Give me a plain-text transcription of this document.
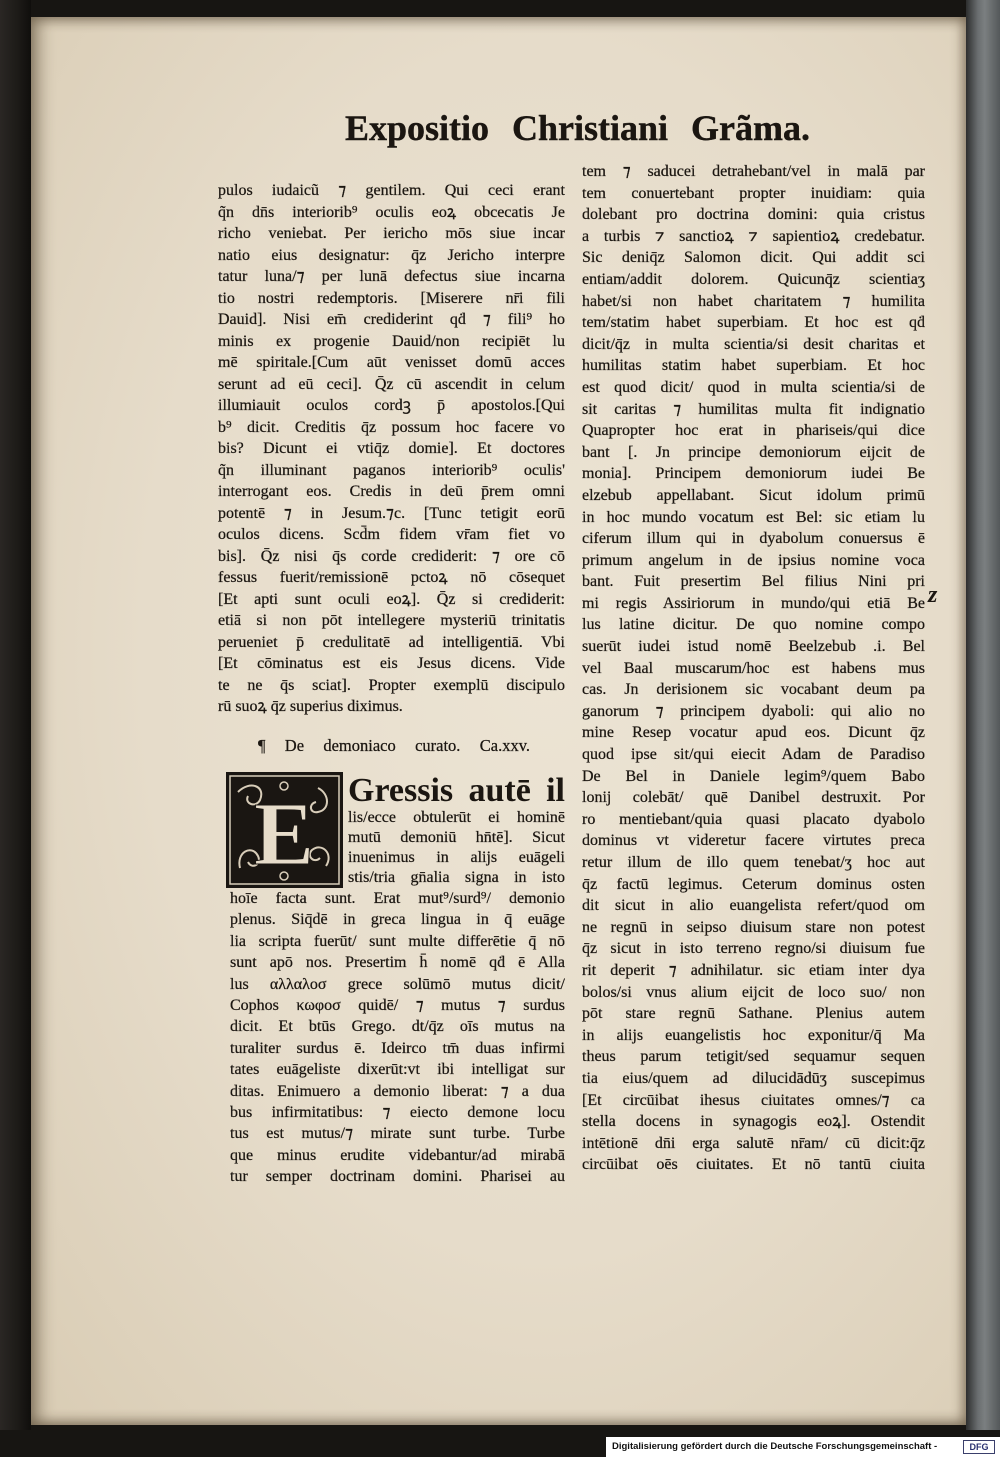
Expositio Christiani Grãma.
pulos iudaicũ ⁊ gentilem. Qui ceci erant
q̃n dn̄s interiorib⁹ oculis eoꝝ obcecatis Je
richo veniebat. Per iericho mōs siue incar
natio eius designatur: q̄z Jericho interpre
tatur luna/⁊ per lunā defectus siue incarna
tio nostri redemptoris. [Miserere nr̄i fili
Dauid]. Nisi em̄ crediderint qḋ ⁊ fili⁹ ho
minis ex progenie Dauid/non recipiēt lu
mē spiritale.[Cum aūt venisset domū acces
serunt ad eū ceci]. Q̄z cū ascendit in celum
illumiauit oculos cordꝫ p̄ apostolos.[Qui
b⁹ dicit. Creditis q̄z possum hoc facere vo
bis? Dicunt ei vtiq̄z domie]. Et doctores
q̃n illuminant paganos interiorib⁹ oculis'
interrogant eos. Credis in deū p̄rem omni
potentē ⁊ in Jesum.⁊c. [Tunc tetigit eorū
oculos dicens. Scd̄m fidem vr̄am fiet vo
bis]. Q̄z nisi q̄s corde crediderit: ⁊ ore cō
fessus fuerit/remissionē pctoꝝ nō cōsequet
[Et apti sunt oculi eoꝝ]. Q̄z si crediderit:
etiā si non pōt intellegere mysteriū trinitatis
perueniet p̄ credulitatē ad intelligentiā. Vbi
[Et cōminatus est eis Jesus dicens. Vide
te ne q̄s sciat]. Propter exemplū discipulo
rū suoꝝ q̄z superius diximus.
¶ De demoniaco curato. Ca.xxv.
E Gressis autē il
lis/ecce obtulerūt ei hominē
mutū demoniū hn̄tē]. Sicut
inuenimus in alijs euāgeli
stis/tria gn̄alia signa in isto
hoīe facta sunt. Erat mut⁹/surd⁹/ demonio
plenus. Siq̄dē in greca lingua in q̄ euāge
lia scripta fuerūt/ sunt multe differētie q̄ nō
sunt apō nos. Presertim h̄ nomē qḋ ē Alla
lus αλλαλοσ grece solūmō mutus dicit/
Cophos κωφοσ quidē/ ⁊ mutus ⁊ surdus
dicit. Et btūs Grego. dt/q̄z oīs mutus na
turaliter surdus ē. Ideirco tm̄ duas infirmi
tates euāgeliste dixerūt:vt ibi intelligat sur
ditas. Enimuero a demonio liberat: ⁊ a dua
bus infirmitatibus: ⁊ eiecto demone locu
tus est mutus/⁊ mirate sunt turbe. Turbe
que minus erudite videbantur/ad mirabā
tur semper doctrinam domini. Pharisei au
tem ⁊ saducei detrahebant/vel in malā par
tem conuertebant propter inuidiam: quia
dolebant pro doctrina domini: quia cristus
a turbis ⁊ sanctioꝝ ⁊ sapientioꝝ credebatur.
Sic deniq̄z Salomon dicit. Qui addit sci
entiam/addit dolorem. Quicunq̄z scientiaʒ
habet/si non habet charitatem ⁊ humilita
tem/statim habet superbiam. Et hoc est qḋ
dicit/q̄z in multa scientia/si desit charitas et
humilitas statim habet superbiam. Et hoc
est quod dicit/ quod in multa scientia/si de
sit caritas ⁊ humilitas multa fit indignatio
Quapropter hoc erat in phariseis/qui dice
bant [. Jn principe demoniorum eijcit de
monia]. Principem demoniorum iudei Be
elzebub appellabant. Sicut idolum primū
in hoc mundo vocatum est Bel: sic etiam lu
ciferum illum qui in dyabolum conuersus ē
primum angelum in de ipsius nomine voca
bant. Fuit presertim Bel filius Nini pri
mi regis Assiriorum in mundo/qui etiā Be
lus latine dicitur. De quo nomine compo
suerūt iudei istud nomē Beelzebub .i. Bel
vel Baal muscarum/hoc est habens mus
cas. Jn derisionem sic vocabant deum pa
ganorum ⁊ principem dyaboli: qui alio no
mine Resep vocatur apud eos. Dicunt q̄z
quod ipse sit/qui eiecit Adam de Paradiso
De Bel in Daniele legim⁹/quem Babo
lonij colebāt/ quē Danibel destruxit. Por
ro mentiebant/quia quasi placato dyabolo
dominus vt videretur facere virtutes preca
retur illum de illo quem tenebat/ʒ hoc aut
q̄z factū legimus. Ceterum dominus osten
dit sicut in alio euangelista refert/quod om
ne regnū in seipso diuisum stare non potest
q̄z sicut in isto terreno regno/si diuisum fue
rit deperit ⁊ adnihilatur. sic etiam inter dya
bolos/si vnus alium eijcit de loco suo/ non
pōt stare regnū Sathane. Plenius autem
in alijs euangelistis hoc exponitur/q̄ Ma
theus parum tetigit/sed sequamur sequen
tia eius/quem ad dilucidādūʒ suscepimus
[Et circūibat ihesus ciuitates omnes/⁊ ca
stella docens in synagogis eoꝝ]. Ostendit
intētionē dn̄i erga salutē nr̄am/ cū dicit:q̄z
circūibat oēs ciuitates. Et nō tantū ciuita
z
Digitalisierung gefördert durch die Deutsche Forschungsgemeinschaft -	DFG
